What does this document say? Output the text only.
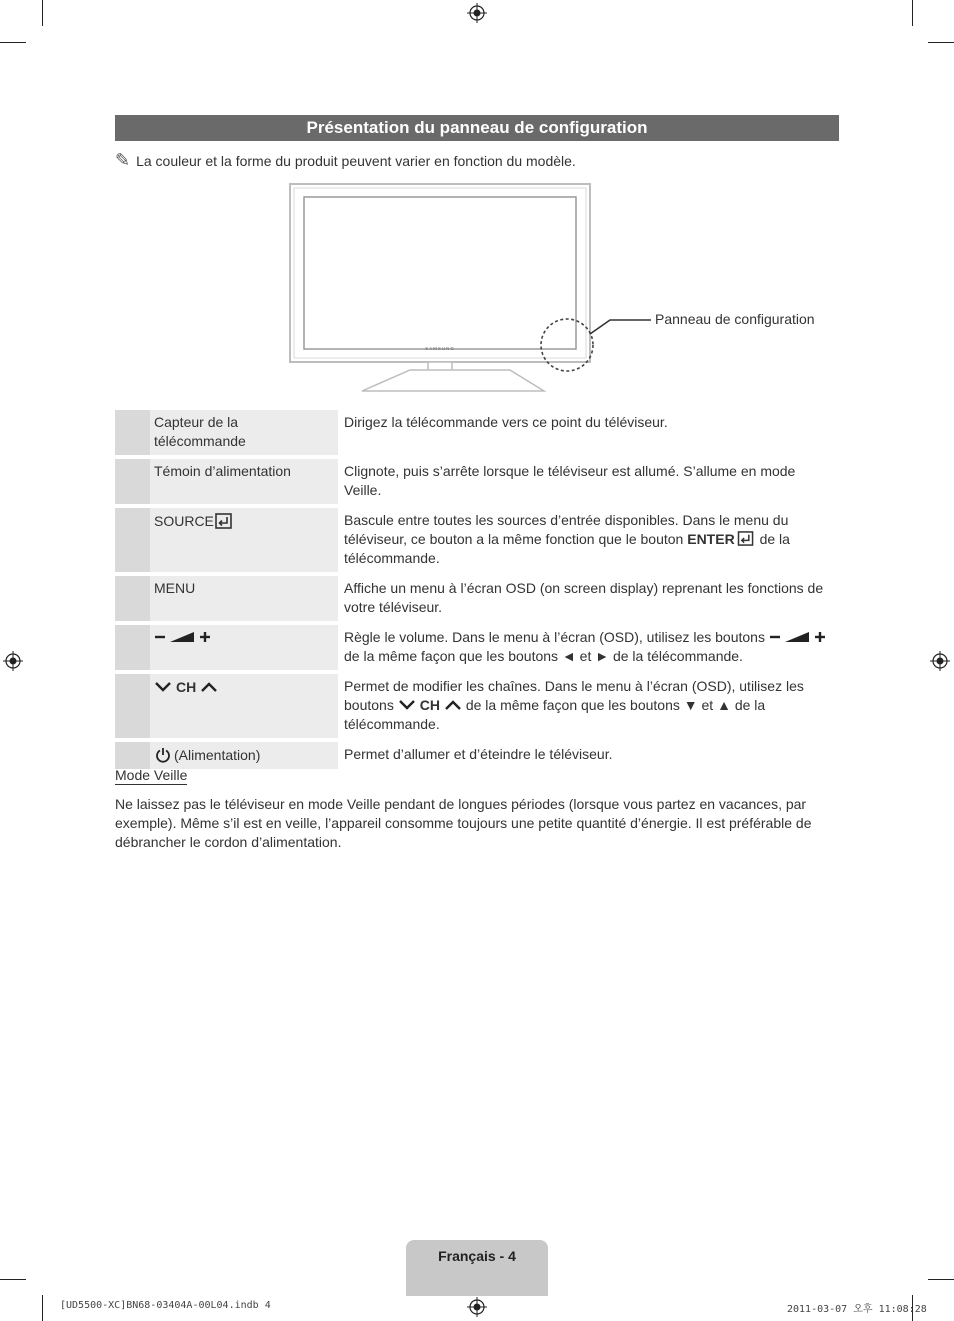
Présentation du panneau de configuration
✎ La couleur et la forme du produit peuvent varier en fonction du modèle.
SAMSUNG
Panneau de configuration
	Capteur de la télécommande	Dirigez la télécommande vers ce point du téléviseur.
	Témoin d’alimentation	Clignote, puis s’arrête lorsque le téléviseur est allumé. S’allume en mode Veille.

	SOURCE	Bascule entre toutes les sources d’entrée disponibles. Dans le menu du téléviseur, ce bouton a la même fonction que le bouton ENTER de la télécommande.
	MENU	Affiche un menu à l’écran OSD (on screen display) reprenant les fonctions de votre téléviseur.
		Règle le volume. Dans le menu à l’écran (OSD), utilisez les boutons  de la même façon que les boutons ◄ et ► de la télécommande.

	CH	Permet de modifier les chaînes. Dans le menu à l’écran (OSD), utilisez les boutons CH de la même façon que les boutons ▼ et ▲ de la télécommande.

	(Alimentation)	Permet d’allumer et d’éteindre le téléviseur.
Mode Veille
Ne laissez pas le téléviseur en mode Veille pendant de longues périodes (lorsque vous partez en vacances, par exemple). Même s’il est en veille, l’appareil consomme toujours une petite quantité d’énergie. Il est préférable de débrancher le cordon d’alimentation.
Français - 4
[UD5500-XC]BN68-03404A-00L04.indb 4	2011-03-07 오후 11:08:28
